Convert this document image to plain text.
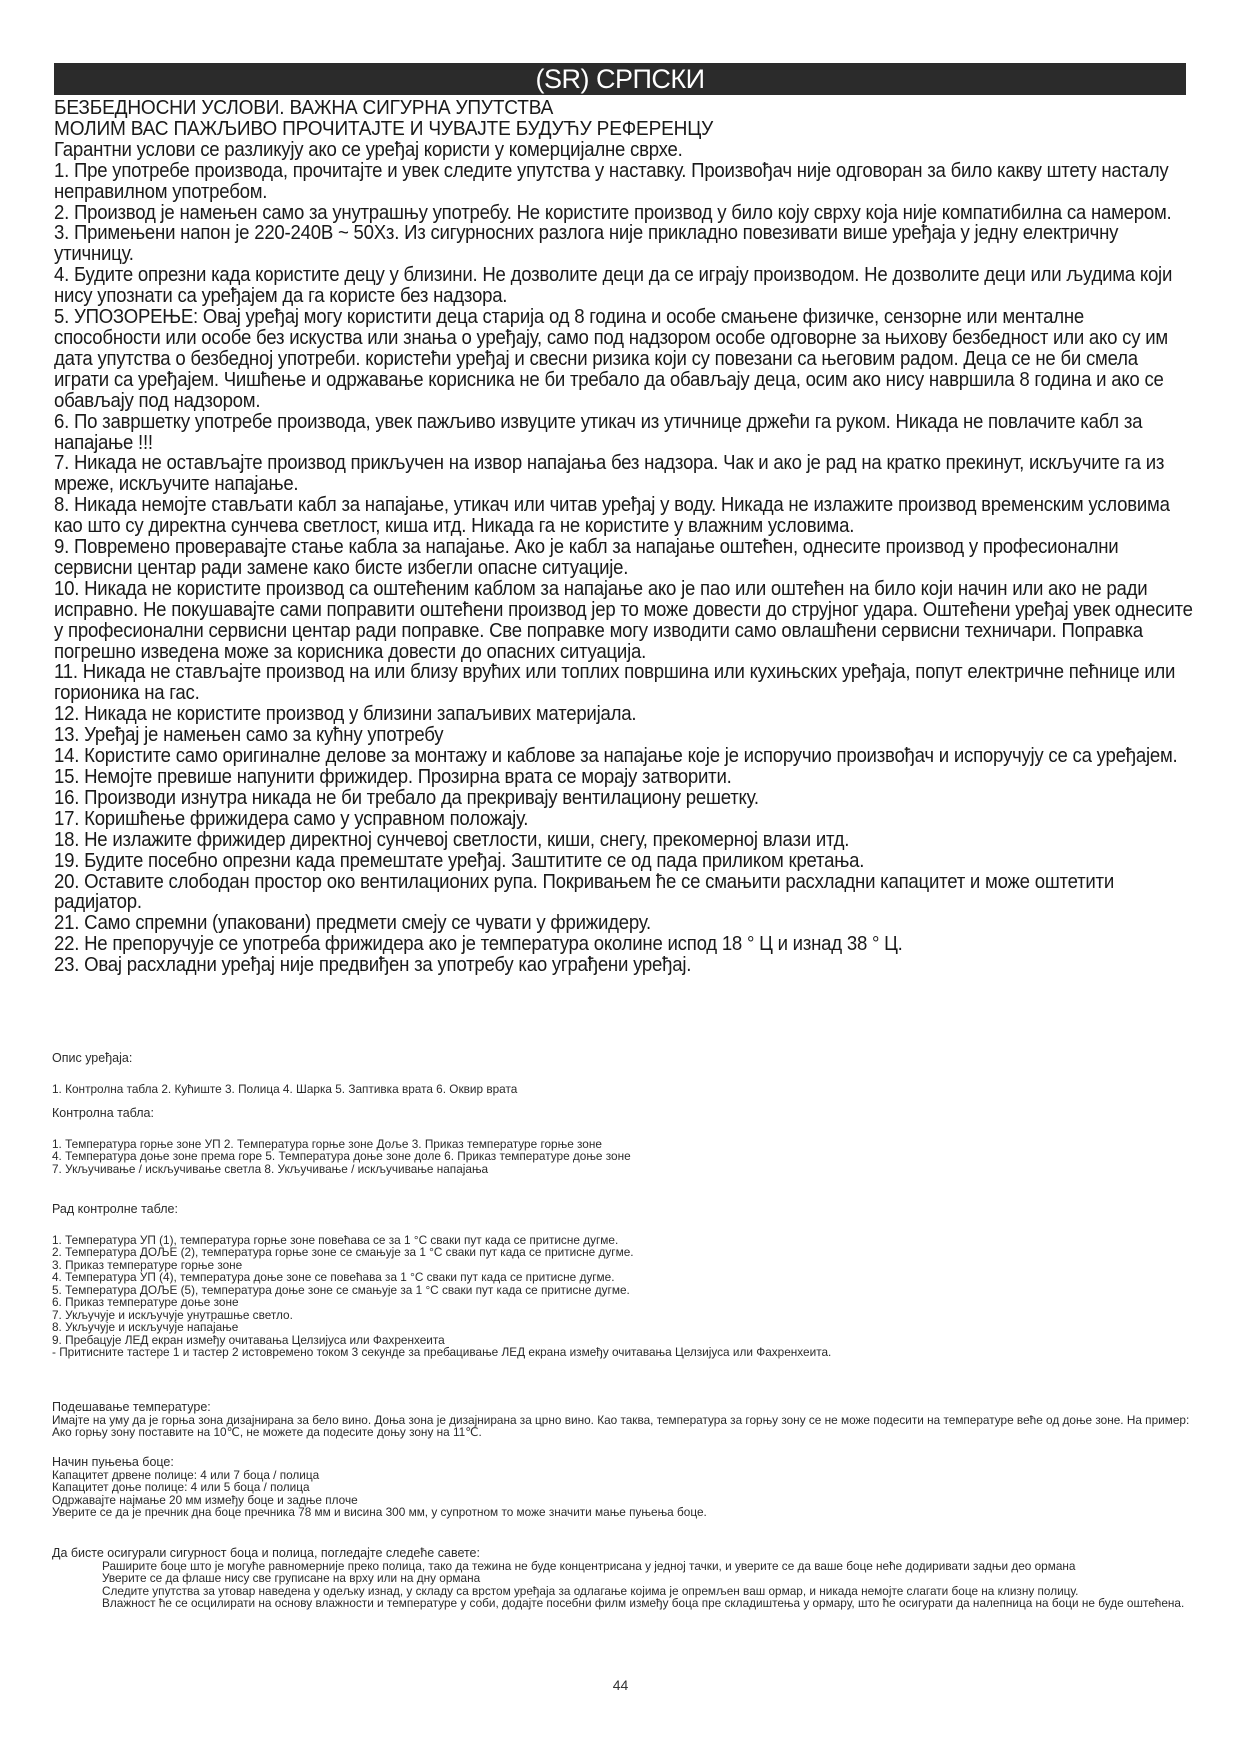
(SR) СРПСКИ
БЕЗБЕДНОСНИ УСЛОВИ. ВАЖНА СИГУРНА УПУТСТВА
МОЛИМ ВАС ПАЖЉИВО ПРОЧИТАЈТЕ И ЧУВАЈТЕ БУДУЋУ РЕФЕРЕНЦУ
Гарантни услови се разликују ако се уређај користи у комерцијалне сврхе.
1. Пре употребе производа, прочитајте и увек следите упутства у наставку. Произвођач није одговоран за било какву штету насталу неправилном употребом.
2. Производ је намењен само за унутрашњу употребу. Не користите производ у било коју сврху која није компатибилна са намером.
3. Примењени напон је 220-240В ~ 50Хз. Из сигурносних разлога није прикладно повезивати више уређаја у једну електричну утичницу.
4. Будите опрезни када користите децу у близини. Не дозволите деци да се играју производом. Не дозволите деци или људима који нису упознати са уређајем да га користе без надзора.
5. УПОЗОРЕЊЕ: Овај уређај могу користити деца старија од 8 година и особе смањене физичке, сензорне или менталне способности или особе без искуства или знања о уређају, само под надзором особе одговорне за њихову безбедност или ако су им дата упутства о безбедној употреби. користећи уређај и свесни ризика који су повезани са његовим радом. Деца се не би смела играти са уређајем. Чишћење и одржавање корисника не би требало да обављају деца, осим ако нису навршила 8 година и ако се обављају под надзором.
6. По завршетку употребе производа, увек пажљиво извуците утикач из утичнице држећи га руком. Никада не повлачите кабл за напајање !!!
7. Никада не остављајте производ прикључен на извор напајања без надзора. Чак и ако је рад на кратко прекинут, искључите га из мреже, искључите напајање.
8. Никада немојте стављати кабл за напајање, утикач или читав уређај у воду. Никада не излажите производ временским условима као што су директна сунчева светлост, киша итд. Никада га не користите у влажним условима.
9. Повремено проверавајте стање кабла за напајање. Ако је кабл за напајање оштећен, однесите производ у професионални сервисни центар ради замене како бисте избегли опасне ситуације.
10. Никада не користите производ са оштећеним каблом за напајање ако је пао или оштећен на било који начин или ако не ради исправно. Не покушавајте сами поправити оштећени производ јер то може довести до струјног удара. Оштећени уређај увек однесите у професионални сервисни центар ради поправке. Све поправке могу изводити само овлашћени сервисни техничари. Поправка погрешно изведена може за корисника довести до опасних ситуација.
11. Никада не стављајте производ на или близу врућих или топлих површина или кухињских уређаја, попут електричне пећнице или горионика на гас.
12. Никада не користите производ у близини запаљивих материјала.
13. Уређај је намењен само за кућну употребу
14. Користите само оригиналне делове за монтажу и каблове за напајање које је испоручио произвођач и испоручују се са уређајем.
15. Немојте превише напунити фрижидер. Прозирна врата се морају затворити.
16. Производи изнутра никада не би требало да прекривају вентилациону решетку.
17. Коришћење фрижидера само у усправном положају.
18. Не излажите фрижидер директној сунчевој светлости, киши, снегу, прекомерној влази итд.
19. Будите посебно опрезни када премештате уређај. Заштитите се од пада приликом кретања.
20. Оставите слободан простор око вентилационих рупа. Покривањем ће се смањити расхладни капацитет и може оштетити радијатор.
21. Само спремни (упаковани) предмети смеју се чувати у фрижидеру.
22. Не препоручује се употреба фрижидера ако је температура околине испод 18 ° Ц и изнад 38 ° Ц.
23. Овај расхладни уређај није предвиђен за употребу као уграђени уређај.

Опис уређаја:

1. Контролна табла 2. Кућиште 3. Полица 4. Шарка 5. Заптивка врата 6. Оквир врата

Контролна табла:

1. Температура горње зоне УП 2. Температура горње зоне Доље 3. Приказ температуре горње зоне

4. Температура доње зоне према горе 5. Температура доње зоне доле 6. Приказ температуре доње зоне

7. Укључивање / искључивање светла 8. Укључивање / искључивање напајања

Рад контролне табле:

1. Температура УП (1), температура горње зоне повећава се за 1 °C сваки пут када се притисне дугме.

2. Температура ДОЉЕ (2), температура горње зоне се смањује за 1 °C сваки пут када се притисне дугме.

3. Приказ температуре горње зоне

4. Температура УП (4), температура доње зоне се повећава за 1 °C сваки пут када се притисне дугме.

5. Температура ДОЉЕ (5), температура доње зоне се смањује за 1 °C сваки пут када се притисне дугме.

6. Приказ температуре доње зоне

7. Укључује и искључује унутрашње светло.

8. Укључује и искључује напајање

9. Пребацује ЛЕД екран између очитавања Целзијуса или Фахренхеита

- Притисните тастере 1 и тастер 2 истовремено током 3 секунде за пребацивање ЛЕД екрана између очитавања Целзијуса или Фахренхеита.

Подешавање температуре:

Имајте на уму да је горња зона дизајнирана за бело вино. Доња зона је дизајнирана за црно вино. Као таква, температура за горњу зону се не може подесити на температуре веће од доње зоне. На пример: Ако горњу зону поставите на 10℃, не можете да подесите доњу зону на 11℃.

Начин пуњења боце:

Капацитет дрвене полице: 4 или 7 боца / полица

Капацитет доње полице: 4 или 5 боца / полица

Одржавајте најмање 20 мм између боце и задње плоче

Уверите се да је пречник дна боце пречника 78 мм и висина 300 мм, у супротном то може значити мање пуњења боце.

Да бисте осигурали сигурност боца и полица, погледајте следеће савете:

Раширите боце што је могуће равномерније преко полица, тако да тежина не буде концентрисана у једној тачки, и уверите се да ваше боце неће додиривати задњи део ормана

Уверите се да флаше нису све груписане на врху или на дну ормана

Следите упутства за утовар наведена у одељку изнад, у складу са врстом уређаја за одлагање којима је опремљен ваш ормар, и никада немојте слагати боце на клизну полицу.

Влажност ће се осцилирати на основу влажности и температуре у соби, додајте посебни филм између боца пре складиштења у ормару, што ће осигурати да налепница на боци не буде оштећена.

44
